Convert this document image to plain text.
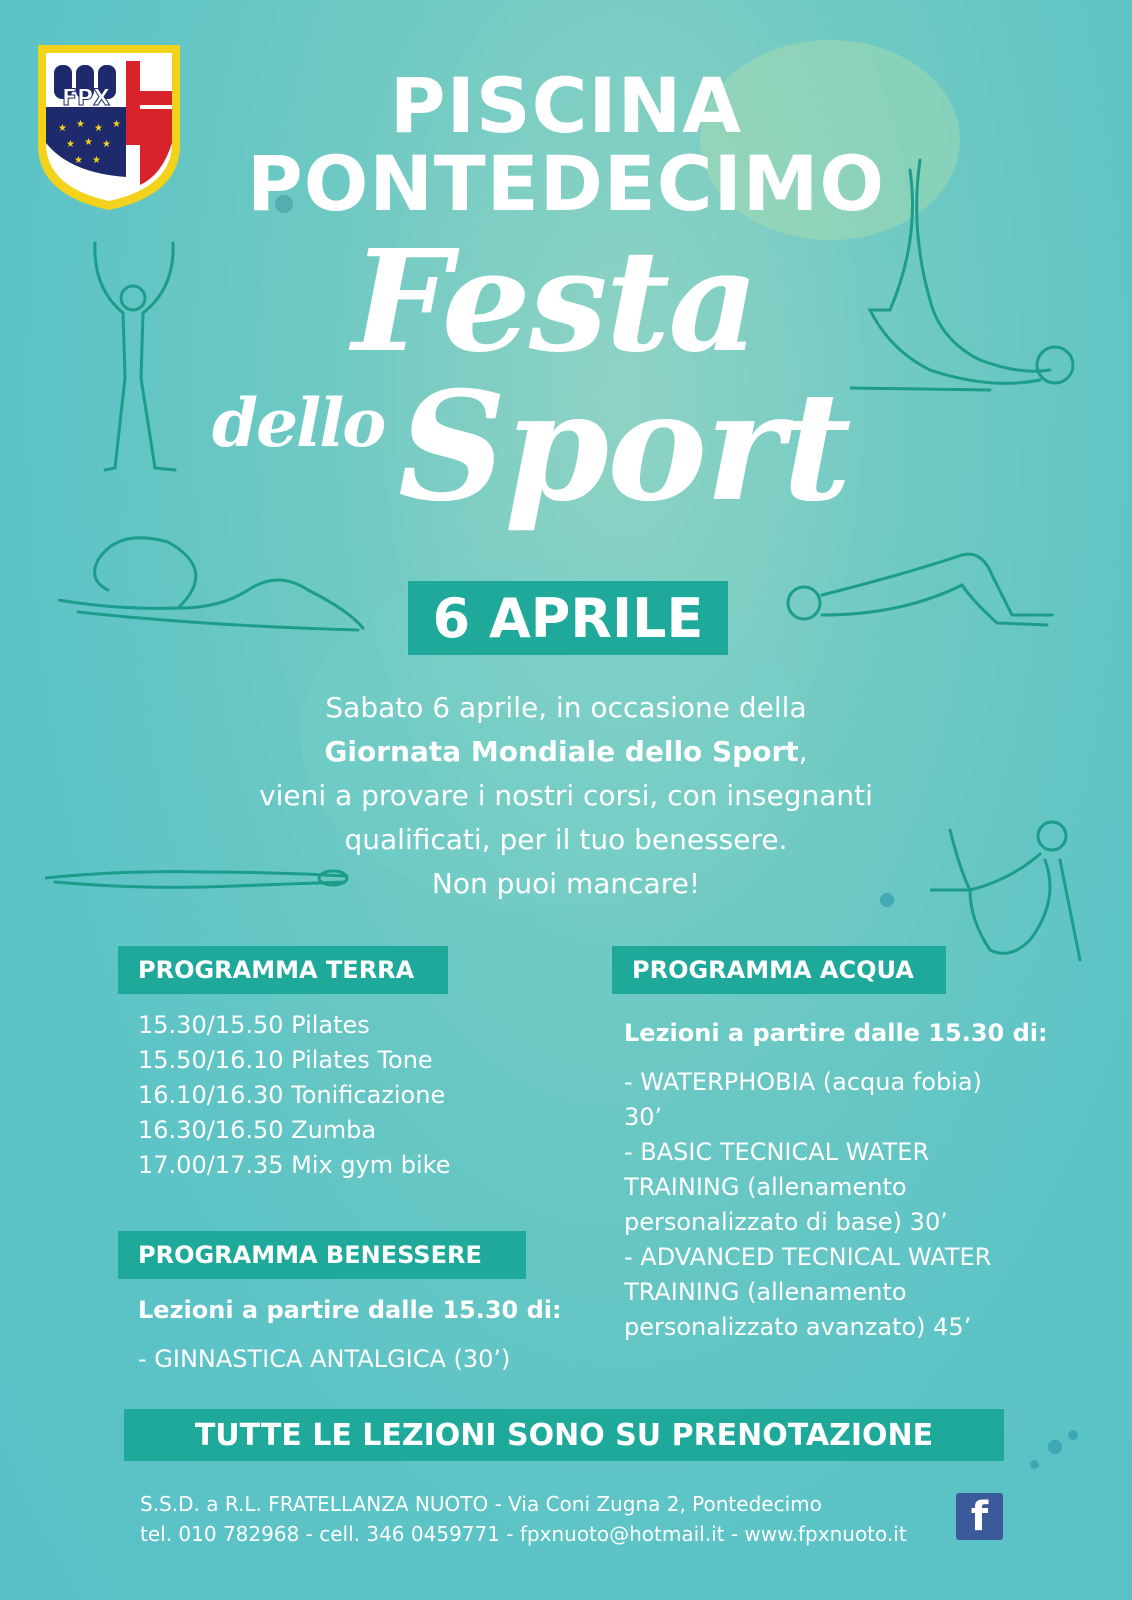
FPX
★ ★ ★ ★
★ ★ ★
★ ★
PISCINA
PONTEDECIMO
Festa
dello Sport
6 APRILE
Sabato 6 aprile, in occasione della
Giornata Mondiale dello Sport,
vieni a provare i nostri corsi, con insegnanti
qualificati, per il tuo benessere.
Non puoi mancare!
PROGRAMMA TERRA
15.30/15.50 Pilates
15.50/16.10 Pilates Tone
16.10/16.30 Tonificazione
16.30/16.50 Zumba
17.00/17.35 Mix gym bike
PROGRAMMA BENESSERE
Lezioni a partire dalle 15.30 di:
- GINNASTICA ANTALGICA (30’)
PROGRAMMA ACQUA
Lezioni a partire dalle 15.30 di:
- WATERPHOBIA (acqua fobia)
30’
- BASIC TECNICAL WATER
TRAINING (allenamento
personalizzato di base) 30’
- ADVANCED TECNICAL WATER
TRAINING (allenamento
personalizzato avanzato) 45’
TUTTE LE LEZIONI SONO SU PRENOTAZIONE
S.S.D. a R.L. FRATELLANZA NUOTO - Via Coni Zugna 2, Pontedecimo
tel. 010 782968 - cell. 346 0459771 - fpxnuoto@hotmail.it - www.fpxnuoto.it	f
